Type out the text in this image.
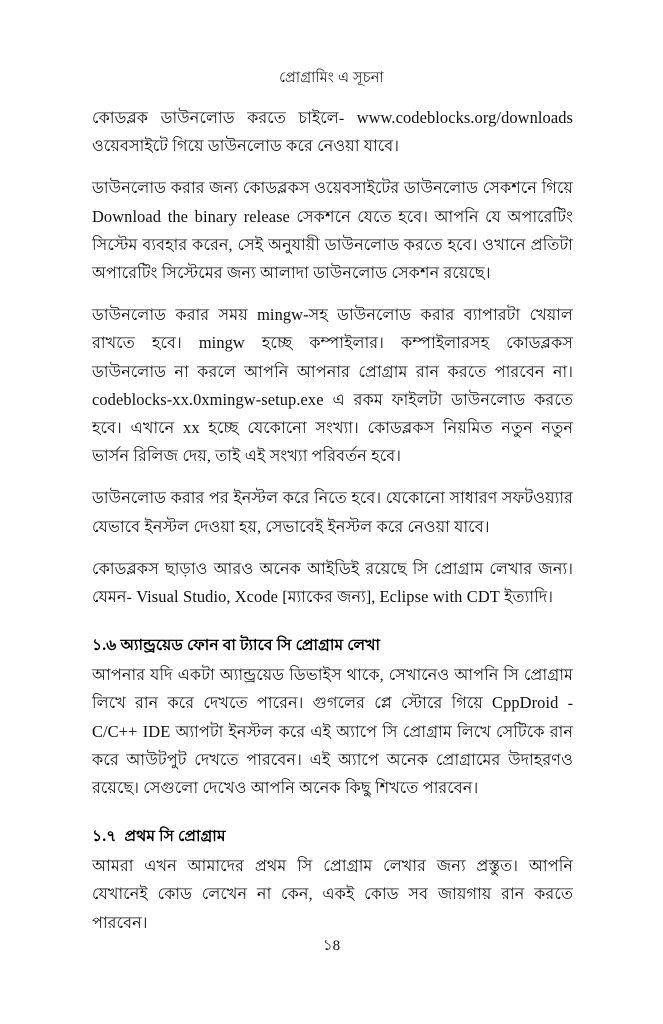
প্রোগ্রামিং এ সূচনা

কোডব্লক ডাউনলোড করতে চাইলে- www.codeblocks.org/downloads ওয়েবসাইটে গিয়ে ডাউনলোড করে নেওয়া যাবে।

ডাউনলোড করার জন্য কোডব্লকস ওয়েবসাইটের ডাউনলোড সেকশনে গিয়ে Download the binary release সেকশনে যেতে হবে। আপনি যে অপারেটিং সিস্টেম ব্যবহার করেন, সেই অনুযায়ী ডাউনলোড করতে হবে। ওখানে প্রতিটা অপারেটিং সিস্টেমের জন্য আলাদা ডাউনলোড সেকশন রয়েছে।

ডাউনলোড করার সময় mingw-সহ ডাউনলোড করার ব্যাপারটা খেয়াল রাখতে হবে। mingw হচ্ছে কম্পাইলার। কম্পাইলারসহ কোডব্লকস ডাউনলোড না করলে আপনি আপনার প্রোগ্রাম রান করতে পারবেন না। codeblocks-xx.0xmingw-setup.exe এ রকম ফাইলটা ডাউনলোড করতে হবে। এখানে xx হচ্ছে যেকোনো সংখ্যা। কোডব্লকস নিয়মিত নতুন নতুন ভার্সন রিলিজ দেয়, তাই এই সংখ্যা পরিবর্তন হবে।

ডাউনলোড করার পর ইনস্টল করে নিতে হবে। যেকোনো সাধারণ সফটওয়্যার যেভাবে ইনস্টল দেওয়া হয়, সেভাবেই ইনস্টল করে নেওয়া যাবে।

কোডব্লকস ছাড়াও আরও অনেক আইডিই রয়েছে সি প্রোগ্রাম লেখার জন্য। যেমন- Visual Studio, Xcode [ম্যাকের জন্য], Eclipse with CDT ইত্যাদি।

১.৬ অ্যান্ড্রয়েড ফোন বা ট্যাবে সি প্রোগ্রাম লেখা

আপনার যদি একটা অ্যান্ড্রয়েড ডিভাইস থাকে, সেখানেও আপনি সি প্রোগ্রাম লিখে রান করে দেখতে পারেন। গুগলের প্লে স্টোরে গিয়ে CppDroid - C/C++ IDE অ্যাপটা ইনস্টল করে এই অ্যাপে সি প্রোগ্রাম লিখে সেটিকে রান করে আউটপুট দেখতে পারবেন। এই অ্যাপে অনেক প্রোগ্রামের উদাহরণও রয়েছে। সেগুলো দেখেও আপনি অনেক কিছু শিখতে পারবেন।

১.৭ প্রথম সি প্রোগ্রাম

আমরা এখন আমাদের প্রথম সি প্রোগ্রাম লেখার জন্য প্রস্তুত। আপনি যেখানেই কোড লেখেন না কেন, একই কোড সব জায়গায় রান করতে পারবেন।

১8
